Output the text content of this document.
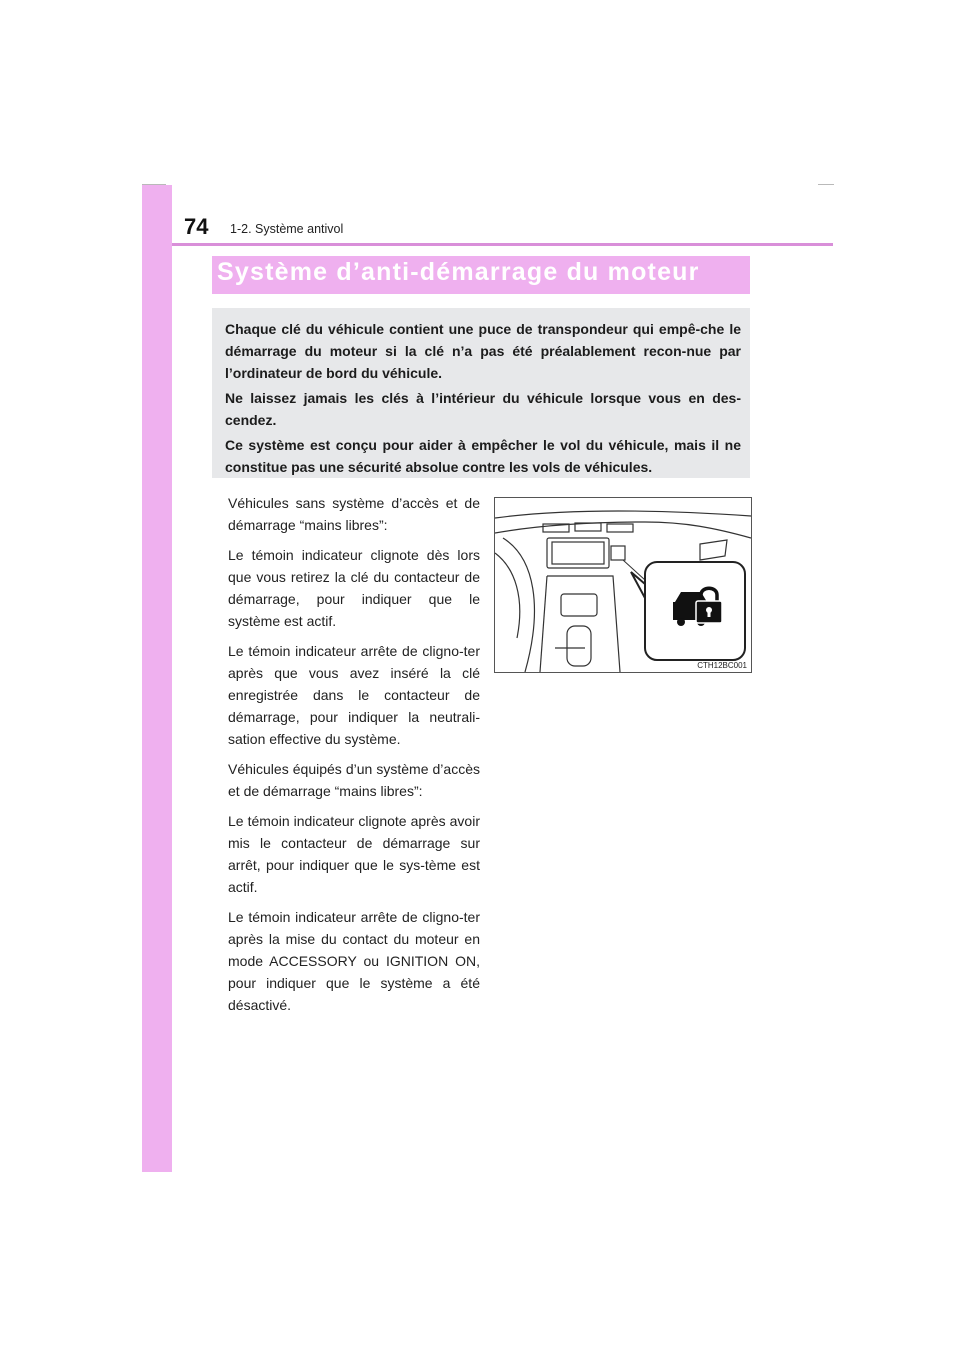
74 1-2. Système antivol
Système d’anti-démarrage du moteur

Chaque clé du véhicule contient une puce de transpondeur qui empê-che le démarrage du moteur si la clé n’a pas été préalablement recon-nue par l’ordinateur de bord du véhicule.

Ne laissez jamais les clés à l’intérieur du véhicule lorsque vous en des-cendez.

Ce système est conçu pour aider à empêcher le vol du véhicule, mais il ne constitue pas une sécurité absolue contre les vols de véhicules.

Véhicules sans système d’accès et de démarrage “mains libres”:

Le témoin indicateur clignote dès lors que vous retirez la clé du contacteur de démarrage, pour indiquer que le système est actif.

Le témoin indicateur arrête de cligno-ter après que vous avez inséré la clé enregistrée dans le contacteur de démarrage, pour indiquer la neutrali-sation effective du système.

Véhicules équipés d’un système d’accès et de démarrage “mains libres”:

Le témoin indicateur clignote après avoir mis le contacteur de démarrage sur arrêt, pour indiquer que le sys-tème est actif.

Le témoin indicateur arrête de cligno-ter après la mise du contact du moteur en mode ACCESSORY ou IGNITION ON, pour indiquer que le système a été désactivé.

CTH12BC001
